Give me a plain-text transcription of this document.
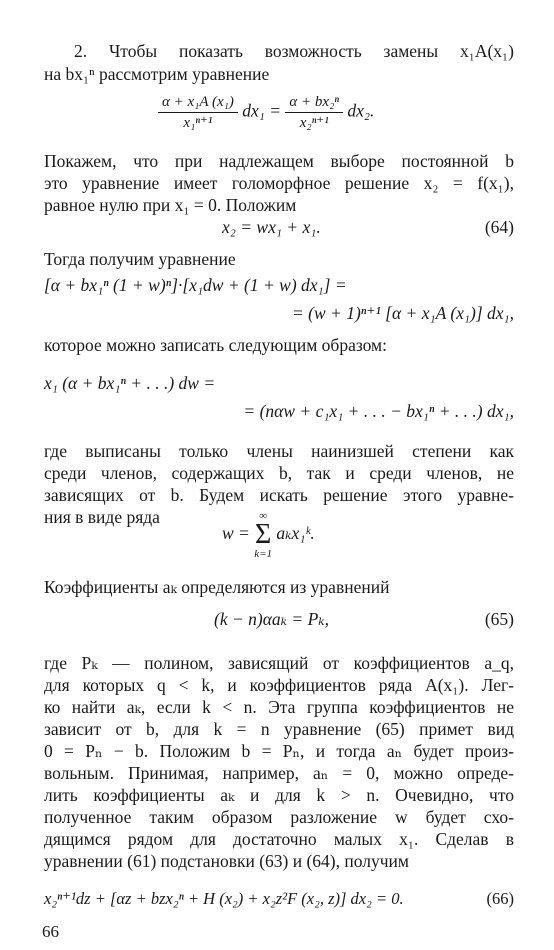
2. Чтобы показать возможность замены x₁A(x₁)
на bx₁ⁿ рассмотрим уравнение
$\frac{\text{α + x₁A (x₁)}}{\text{x₁ⁿ⁺¹}} dx_1 = \frac{\text{α + bx₂ⁿ}}{\text{x₂ⁿ⁺¹}} dx_2$.
Покажем, что при надлежащем выборе постоянной b
это уравнение имеет голоморфное решение x₂ = f(x₁),
равное нулю при x₁ = 0. Положим
x₂ = wx₁ + x₁.	(64)
Тогда получим уравнение
[α + bx₁ⁿ (1 + w)ⁿ]·[x₁dw + (1 + w) dx₁] =
= (w + 1)ⁿ⁺¹ [α + x₁A (x₁)] dx₁,
которое можно записать следующим образом:
x₁ (α + bx₁ⁿ + . . .) dw =
= (nαw + c₁x₁ + . . . − bx₁ⁿ + . . .) dx₁,
где выписаны только члены наинизшей степени как
среди членов, содержащих b, так и среди членов, не
зависящих от b. Будем искать решение этого уравне-
ния в виде ряда
w =
∞
Σ
k=1
aₖx₁ᵏ.
Коэффициенты aₖ определяются из уравнений
(k − n)αaₖ = Pₖ,	(65)
где Pₖ — полином, зависящий от коэффициентов a_q,
для которых q < k, и коэффициентов ряда A(x₁). Лег-
ко найти aₖ, если k < n. Эта группа коэффициентов не
зависит от b, для k = n уравнение (65) примет вид
0 = Pₙ − b. Положим b = Pₙ, и тогда aₙ будет произ-
вольным. Принимая, например, aₙ = 0, можно опреде-
лить коэффициенты aₖ и для k > n. Очевидно, что
полученное таким образом разложение w будет схо-
дящимся рядом для достаточно малых x₁. Сделав в
уравнении (61) подстановки (63) и (64), получим
x₂ⁿ⁺¹dz + [αz + bzx₂ⁿ + H (x₂) + x₂z²F (x₂, z)] dx₂ = 0.	(66)
66
